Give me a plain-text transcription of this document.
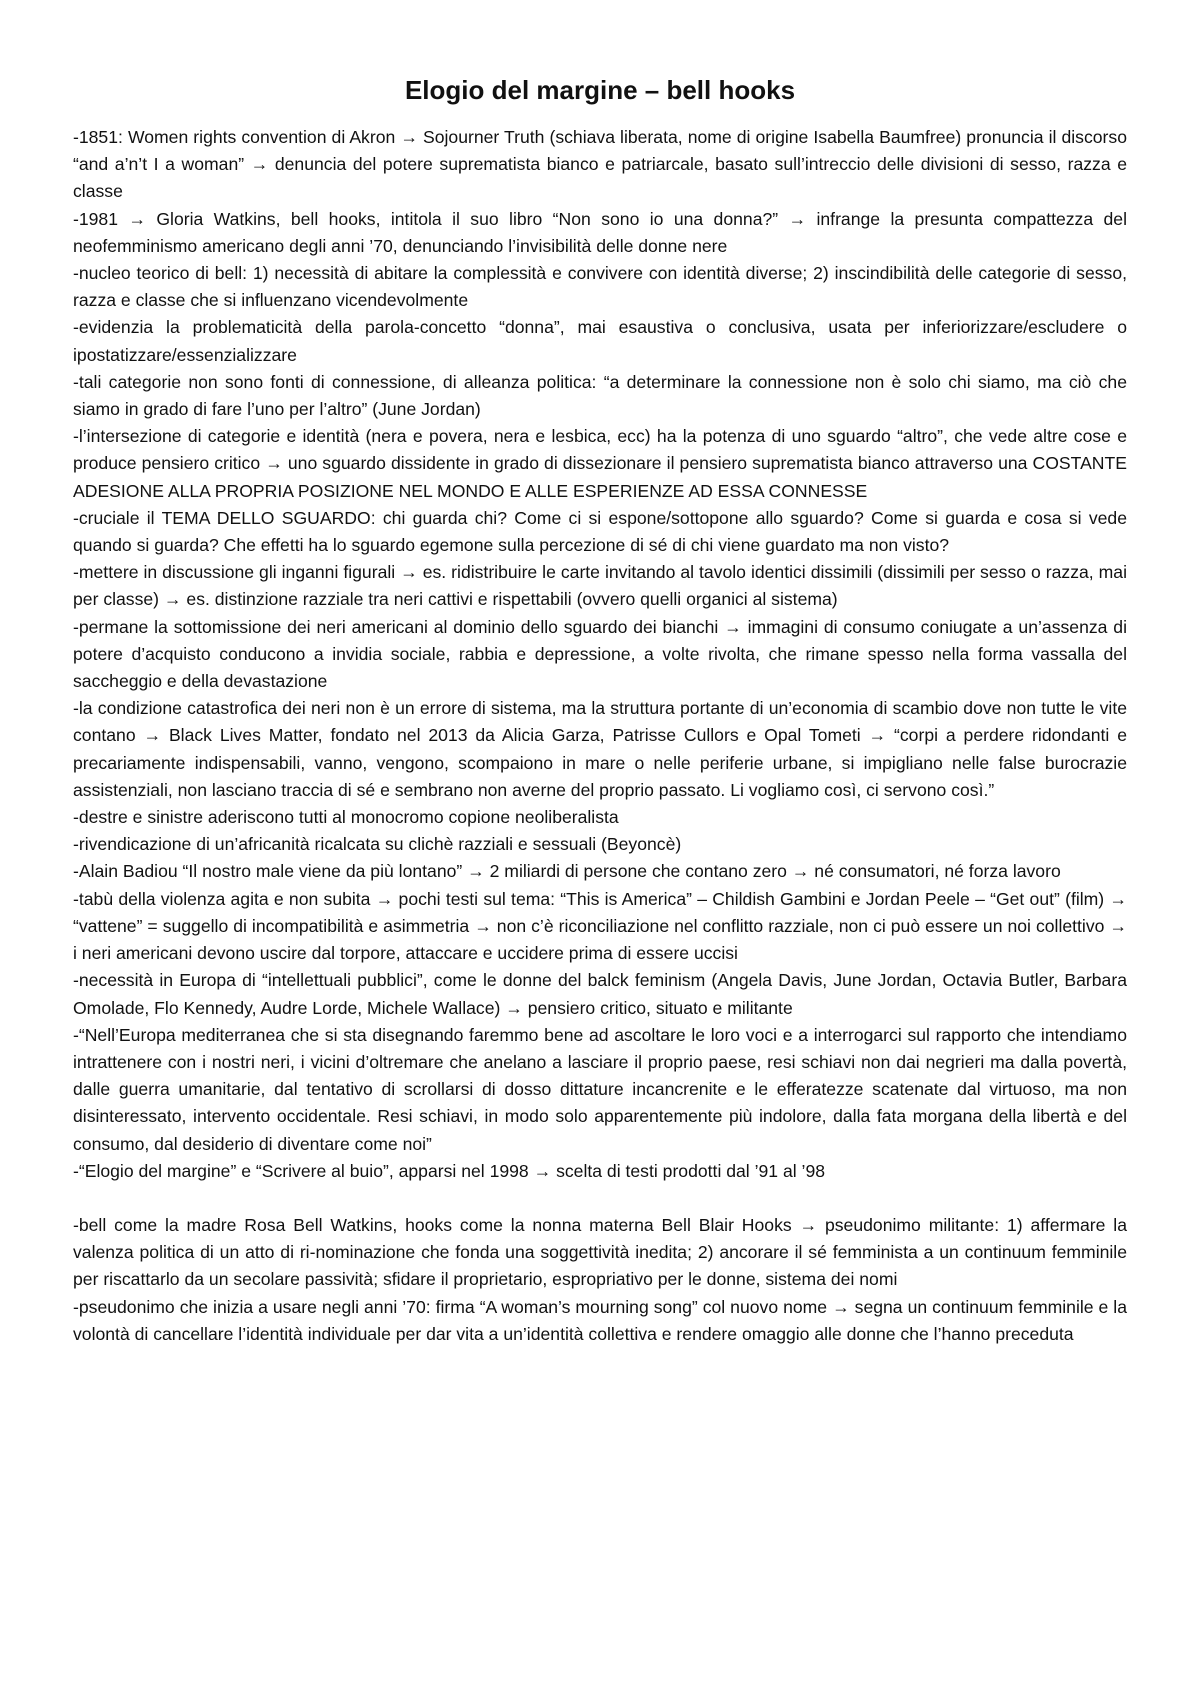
Elogio del margine – bell hooks

-1851: Women rights convention di Akron → Sojourner Truth (schiava liberata, nome di origine Isabella Baumfree) pronuncia il discorso “and a’n’t I a woman” → denuncia del potere suprematista bianco e patriarcale, basato sull’intreccio delle divisioni di sesso, razza e classe

-1981 → Gloria Watkins, bell hooks, intitola il suo libro “Non sono io una donna?” → infrange la presunta compattezza del neofemminismo americano degli anni ’70, denunciando l’invisibilità delle donne nere

-nucleo teorico di bell: 1) necessità di abitare la complessità e convivere con identità diverse; 2) inscindibilità delle categorie di sesso, razza e classe che si influenzano vicendevolmente

-evidenzia la problematicità della parola-concetto “donna”, mai esaustiva o conclusiva, usata per inferiorizzare/escludere o ipostatizzare/essenzializzare

-tali categorie non sono fonti di connessione, di alleanza politica: “a determinare la connessione non è solo chi siamo, ma ciò che siamo in grado di fare l’uno per l’altro” (June Jordan)

-l’intersezione di categorie e identità (nera e povera, nera e lesbica, ecc) ha la potenza di uno sguardo “altro”, che vede altre cose e produce pensiero critico → uno sguardo dissidente in grado di dissezionare il pensiero suprematista bianco attraverso una COSTANTE ADESIONE ALLA PROPRIA POSIZIONE NEL MONDO E ALLE ESPERIENZE AD ESSA CONNESSE

-cruciale il TEMA DELLO SGUARDO: chi guarda chi? Come ci si espone/sottopone allo sguardo? Come si guarda e cosa si vede quando si guarda? Che effetti ha lo sguardo egemone sulla percezione di sé di chi viene guardato ma non visto?

-mettere in discussione gli inganni figurali → es. ridistribuire le carte invitando al tavolo identici dissimili (dissimili per sesso o razza, mai per classe) → es. distinzione razziale tra neri cattivi e rispettabili (ovvero quelli organici al sistema)

-permane la sottomissione dei neri americani al dominio dello sguardo dei bianchi → immagini di consumo coniugate a un’assenza di potere d’acquisto conducono a invidia sociale, rabbia e depressione, a volte rivolta, che rimane spesso nella forma vassalla del saccheggio e della devastazione

-la condizione catastrofica dei neri non è un errore di sistema, ma la struttura portante di un’economia di scambio dove non tutte le vite contano → Black Lives Matter, fondato nel 2013 da Alicia Garza, Patrisse Cullors e Opal Tometi → “corpi a perdere ridondanti e precariamente indispensabili, vanno, vengono, scompaiono in mare o nelle periferie urbane, si impigliano nelle false burocrazie assistenziali, non lasciano traccia di sé e sembrano non averne del proprio passato. Li vogliamo così, ci servono così.”

-destre e sinistre aderiscono tutti al monocromo copione neoliberalista

-rivendicazione di un’africanità ricalcata su clichè razziali e sessuali (Beyoncè)

-Alain Badiou “Il nostro male viene da più lontano” → 2 miliardi di persone che contano zero → né consumatori, né forza lavoro

-tabù della violenza agita e non subita → pochi testi sul tema: “This is America” – Childish Gambini e Jordan Peele – “Get out” (film) → “vattene” = suggello di incompatibilità e asimmetria → non c’è riconciliazione nel conflitto razziale, non ci può essere un noi collettivo → i neri americani devono uscire dal torpore, attaccare e uccidere prima di essere uccisi

-necessità in Europa di “intellettuali pubblici”, come le donne del balck feminism (Angela Davis, June Jordan, Octavia Butler, Barbara Omolade, Flo Kennedy, Audre Lorde, Michele Wallace) → pensiero critico, situato e militante

-“Nell’Europa mediterranea che si sta disegnando faremmo bene ad ascoltare le loro voci e a interrogarci sul rapporto che intendiamo intrattenere con i nostri neri, i vicini d’oltremare che anelano a lasciare il proprio paese, resi schiavi non dai negrieri ma dalla povertà, dalle guerra umanitarie, dal tentativo di scrollarsi di dosso dittature incancrenite e le efferatezze scatenate dal virtuoso, ma non disinteressato, intervento occidentale. Resi schiavi, in modo solo apparentemente più indolore, dalla fata morgana della libertà e del consumo, dal desiderio di diventare come noi”

-“Elogio del margine” e “Scrivere al buio”, apparsi nel 1998 → scelta di testi prodotti dal ’91 al ’98

-bell come la madre Rosa Bell Watkins, hooks come la nonna materna Bell Blair Hooks → pseudonimo militante: 1) affermare la valenza politica di un atto di ri-nominazione che fonda una soggettività inedita; 2) ancorare il sé femminista a un continuum femminile per riscattarlo da un secolare passività; sfidare il proprietario, espropriativo per le donne, sistema dei nomi

-pseudonimo che inizia a usare negli anni ’70: firma “A woman’s mourning song” col nuovo nome → segna un continuum femminile e la volontà di cancellare l’identità individuale per dar vita a un’identità collettiva e rendere omaggio alle donne che l’hanno preceduta
